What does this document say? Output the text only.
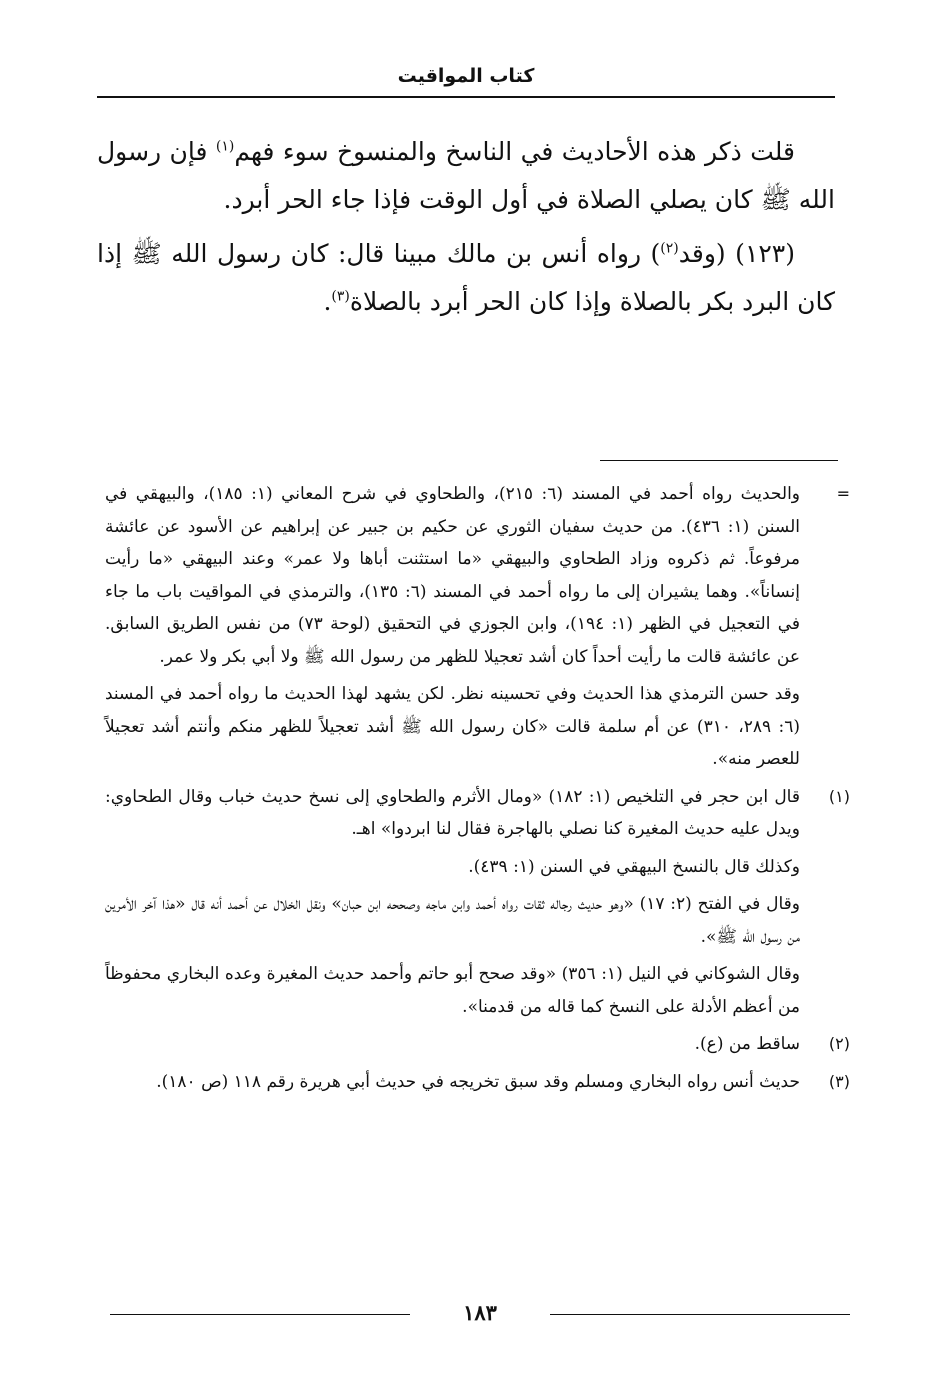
كتاب المواقيت

قلت ذكر هذه الأحاديث في الناسخ والمنسوخ سوء فهم$^{(١)}$ فإن رسول الله ﷺ كان يصلي الصلاة في أول الوقت فإذا جاء الحر أبرد.

(١٢٣) (وقد$^{(٢)}$) رواه أنس بن مالك مبينا قال: كان رسول الله ﷺ إذا كان البرد بكر بالصلاة وإذا كان الحر أبرد بالصلاة$^{(٣)}$.

=

والحديث رواه أحمد في المسند (٦: ٢١٥)، والطحاوي في شرح المعاني (١: ١٨٥)، والبيهقي في السنن (١: ٤٣٦). من حديث سفيان الثوري عن حكيم بن جبير عن إبراهيم عن الأسود عن عائشة مرفوعاً. ثم ذكروه وزاد الطحاوي والبيهقي «ما استثنت أباها ولا عمر» وعند البيهقي «ما رأيت إنساناً». وهما يشيران إلى ما رواه أحمد في المسند (٦: ١٣٥)، والترمذي في المواقيت باب ما جاء في التعجيل في الظهر (١: ١٩٤)، وابن الجوزي في التحقيق (لوحة ٧٣) من نفس الطريق السابق. عن عائشة قالت ما رأيت أحداً كان أشد تعجيلا للظهر من رسول الله ﷺ ولا أبي بكر ولا عمر.

وقد حسن الترمذي هذا الحديث وفي تحسينه نظر. لكن يشهد لهذا الحديث ما رواه أحمد في المسند (٦: ٢٨٩، ٣١٠) عن أم سلمة قالت «كان رسول الله ﷺ أشد تعجيلاً للظهر منكم وأنتم أشد تعجيلاً للعصر منه».

(١)

قال ابن حجر في التلخيص (١: ١٨٢) «ومال الأثرم والطحاوي إلى نسخ حديث خباب وقال الطحاوي: ويدل عليه حديث المغيرة كنا نصلي بالهاجرة فقال لنا ابردوا» اهـ.

وكذلك قال بالنسخ البيهقي في السنن (١: ٤٣٩).

وقال في الفتح (٢: ١٧) «وهو حديث رجاله ثقات رواه أحمد وابن ماجه وصححه ابن حبان» ونقل الخلال عن أحمد أنه قال «هذا آخر الأمرين من رسول الله ﷺ».

وقال الشوكاني في النيل (١: ٣٥٦) «وقد صحح أبو حاتم وأحمد حديث المغيرة وعده البخاري محفوظاً من أعظم الأدلة على النسخ كما قاله من قدمنا».

(٢)

ساقط من (ع).

(٣)

حديث أنس رواه البخاري ومسلم وقد سبق تخريجه في حديث أبي هريرة رقم ١١٨ (ص ١٨٠).

١٨٣
